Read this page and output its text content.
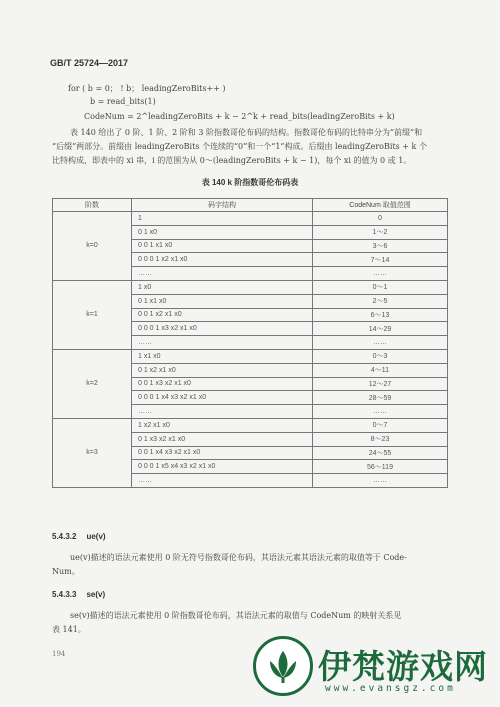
GB/T 25724—2017
for ( b = 0； ! b； leadingZeroBits++ )
b = read_bits(1)
CodeNum = 2^leadingZeroBits + k − 2^k + read_bits(leadingZeroBits + k)
表 140 给出了 0 阶、1 阶、2 阶和 3 阶指数哥伦布码的结构。指数哥伦布码的比特串分为“前缀”和
“后缀”两部分。前缀由 leadingZeroBits 个连续的“0”和一个“1”构成。后缀由 leadingZeroBits + k 个
比特构成，即表中的 xi 串，i 的范围为从 0～(leadingZeroBits + k − 1)，每个 xi 的值为 0 或 1。
表 140 k 阶指数哥伦布码表
阶数	码字结构	CodeNum 取值范围
k=0	1	0
	0 1 x0	1～2
	0 0 1 x1 x0	3～6
	0 0 0 1 x2 x1 x0	7～14
	……	……
k=1	1 x0	0～1
	0 1 x1 x0	2～5
	0 0 1 x2 x1 x0	6～13
	0 0 0 1 x3 x2 x1 x0	14～29
	……	……
k=2	1 x1 x0	0～3
	0 1 x2 x1 x0	4～11
	0 0 1 x3 x2 x1 x0	12～27
	0 0 0 1 x4 x3 x2 x1 x0	28～59
	……	……
k=3	1 x2 x1 x0	0～7
	0 1 x3 x2 x1 x0	8～23
	0 0 1 x4 x3 x2 x1 x0	24～55
	0 0 0 1 x5 x4 x3 x2 x1 x0	56～119
	……	……
5.4.3.2 ue(v)
ue(v)描述的语法元素使用 0 阶无符号指数哥伦布码，其语法元素其语法元素的取值等于 Code-
Num。
5.4.3.3 se(v)
se(v)描述的语法元素使用 0 阶指数哥伦布码，其语法元素的取值与 CodeNum 的映射关系见
表 141。
194	伊梵游戏网
www.evansgz.com
